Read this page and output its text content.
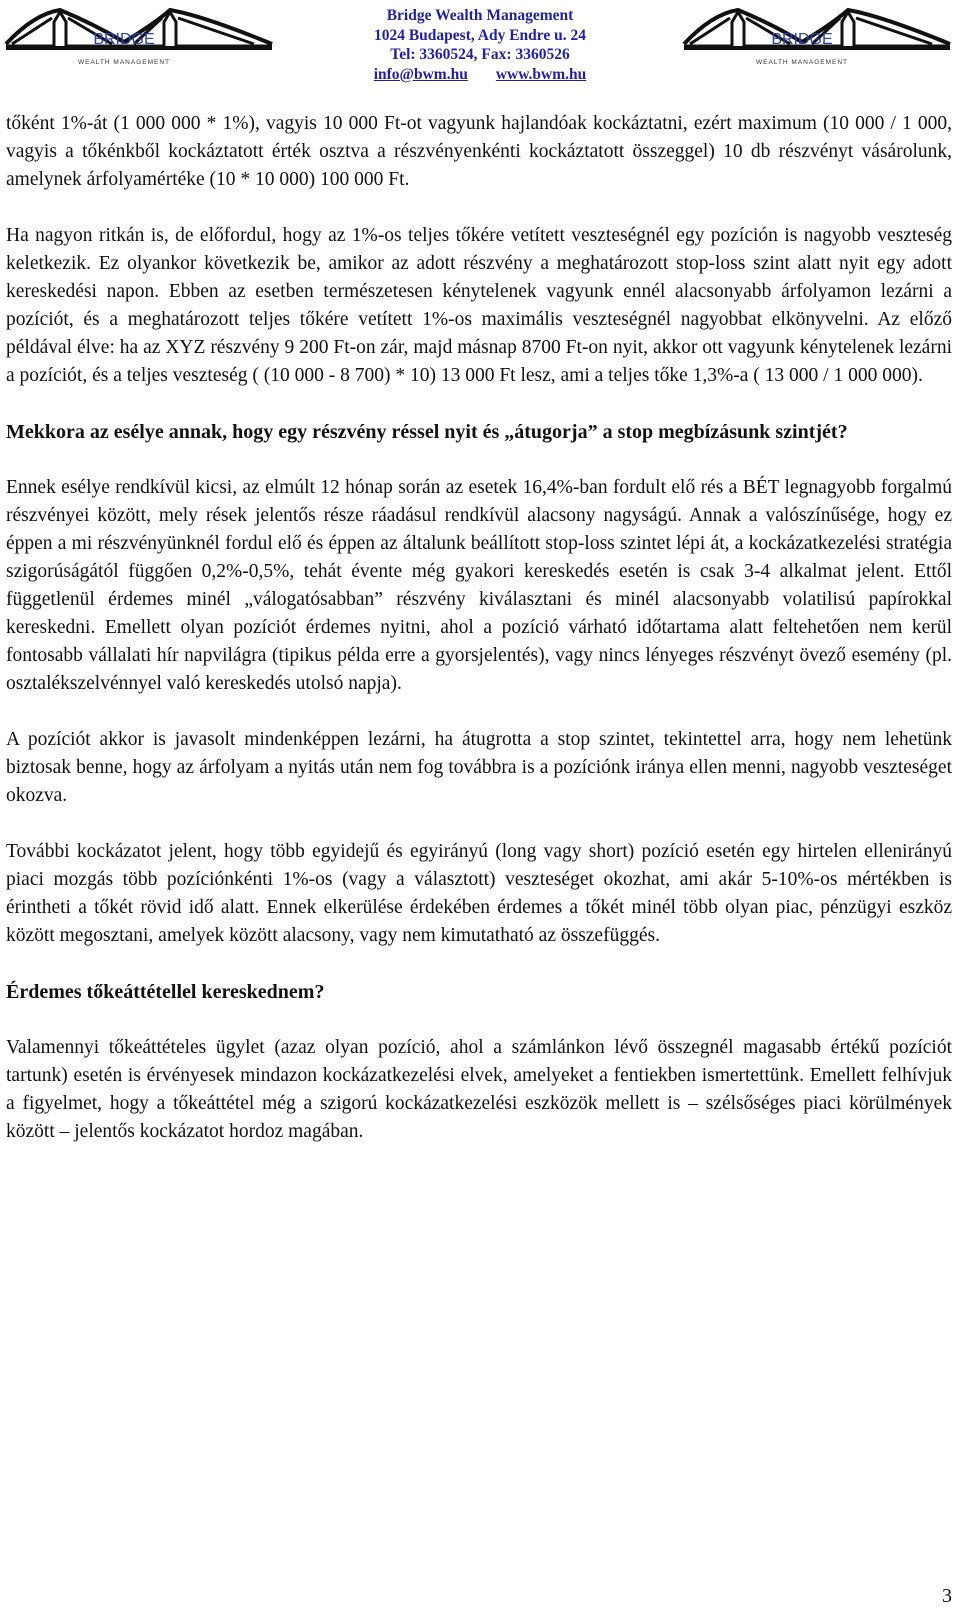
BRIDGE
WEALTH MANAGEMENT
Bridge Wealth Management
1024 Budapest, Ady Endre u. 24
Tel: 3360524, Fax: 3360526
info@bwm.hu www.bwm.hu
BRIDGE
WEALTH MANAGEMENT

tőként 1%-át (1 000 000 * 1%), vagyis 10 000 Ft-ot vagyunk hajlandóak kockáztatni, ezért maximum (10 000 / 1 000, vagyis a tőkénkből kockáztatott érték osztva a részvényenkénti kockáztatott összeggel) 10 db részvényt vásárolunk, amelynek árfolyamértéke (10 * 10 000) 100 000 Ft.

Ha nagyon ritkán is, de előfordul, hogy az 1%-os teljes tőkére vetített veszteségnél egy pozíción is nagyobb veszteség keletkezik. Ez olyankor következik be, amikor az adott részvény a meghatározott stop-loss szint alatt nyit egy adott kereskedési napon. Ebben az esetben természetesen kénytelenek vagyunk ennél alacsonyabb árfolyamon lezárni a pozíciót, és a meghatározott teljes tőkére vetített 1%-os maximális veszteségnél nagyobbat elkönyvelni. Az előző példával élve: ha az XYZ részvény 9 200 Ft-on zár, majd másnap 8700 Ft-on nyit, akkor ott vagyunk kénytelenek lezárni a pozíciót, és a teljes veszteség ( (10 000 - 8 700) * 10) 13 000 Ft lesz, ami a teljes tőke 1,3%-a ( 13 000 / 1 000 000).

Mekkora az esélye annak, hogy egy részvény réssel nyit és „átugorja” a stop megbízásunk szintjét?

Ennek esélye rendkívül kicsi, az elmúlt 12 hónap során az esetek 16,4%-ban fordult elő rés a BÉT legnagyobb forgalmú részvényei között, mely rések jelentős része ráadásul rendkívül alacsony nagyságú. Annak a valószínűsége, hogy ez éppen a mi részvényünknél fordul elő és éppen az általunk beállított stop-loss szintet lépi át, a kockázatkezelési stratégia szigorúságától függően 0,2%-0,5%, tehát évente még gyakori kereskedés esetén is csak 3-4 alkalmat jelent. Ettől függetlenül érdemes minél „válogatósabban” részvény kiválasztani és minél alacsonyabb volatilisú papírokkal kereskedni. Emellett olyan pozíciót érdemes nyitni, ahol a pozíció várható időtartama alatt feltehetően nem kerül fontosabb vállalati hír napvilágra (tipikus példa erre a gyorsjelentés), vagy nincs lényeges részvényt övező esemény (pl. osztalékszelvénnyel való kereskedés utolsó napja).

A pozíciót akkor is javasolt mindenképpen lezárni, ha átugrotta a stop szintet, tekintettel arra, hogy nem lehetünk biztosak benne, hogy az árfolyam a nyitás után nem fog továbbra is a pozíciónk iránya ellen menni, nagyobb veszteséget okozva.

További kockázatot jelent, hogy több egyidejű és egyirányú (long vagy short) pozíció esetén egy hirtelen ellenirányú piaci mozgás több pozíciónkénti 1%-os (vagy a választott) veszteséget okozhat, ami akár 5-10%-os mértékben is érintheti a tőkét rövid idő alatt. Ennek elkerülése érdekében érdemes a tőkét minél több olyan piac, pénzügyi eszköz között megosztani, amelyek között alacsony, vagy nem kimutatható az összefüggés.

Érdemes tőkeáttétellel kereskednem?

Valamennyi tőkeáttételes ügylet (azaz olyan pozíció, ahol a számlánkon lévő összegnél magasabb értékű pozíciót tartunk) esetén is érvényesek mindazon kockázatkezelési elvek, amelyeket a fentiekben ismertettünk. Emellett felhívjuk a figyelmet, hogy a tőkeáttétel még a szigorú kockázatkezelési eszközök mellett is – szélsőséges piaci körülmények között – jelentős kockázatot hordoz magában.

3
